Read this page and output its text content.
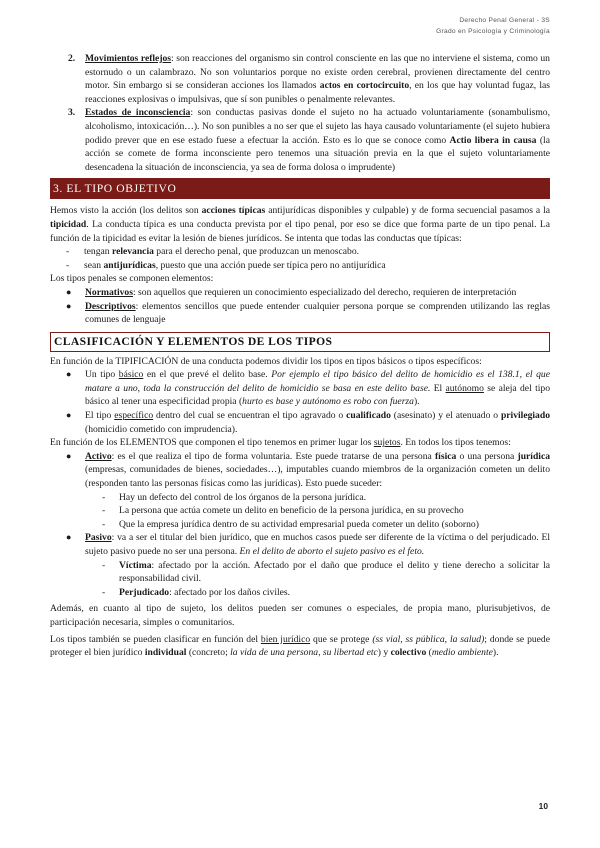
Derecho Penal General - 3S
Grado en Psicología y Criminología
2. Movimientos reflejos: son reacciones del organismo sin control consciente en las que no interviene el sistema, como un estornudo o un calambrazo. No son voluntarios porque no existe orden cerebral, provienen directamente del centro motor. Sin embargo si se consideran acciones los llamados actos en cortocircuito, en los que hay voluntad fugaz, las reacciones explosivas o impulsivas, que sí son punibles o penalmente relevantes.
3. Estados de inconsciencia: son conductas pasivas donde el sujeto no ha actuado voluntariamente (sonambulismo, alcoholismo, intoxicación…). No son punibles a no ser que el sujeto las haya causado voluntariamente (el sujeto hubiera podido prever que en ese estado fuese a efectuar la acción. Esto es lo que se conoce como Actio libera in causa (la acción se comete de forma inconsciente pero tenemos una situación previa en la que el sujeto voluntariamente desencadena la situación de inconsciencia, ya sea de forma dolosa o imprudente)
3. EL TIPO OBJETIVO

Hemos visto la acción (los delitos son acciones típicas antijurídicas disponibles y culpable) y de forma secuencial pasamos a la tipicidad. La conducta típica es una conducta prevista por el tipo penal, por eso se dice que forma parte de un tipo penal. La función de la tipicidad es evitar la lesión de bienes jurídicos. Se intenta que todas las conductas que típicas:

- tengan relevancia para el derecho penal, que produzcan un menoscabo.
- sean antijurídicas, puesto que una acción puede ser típica pero no antijurídica

Los tipos penales se componen elementos:

● Normativos: son aquellos que requieren un conocimiento especializado del derecho, requieren de interpretación
● Descriptivos: elementos sencillos que puede entender cualquier persona porque se comprenden utilizando las reglas comunes de lenguaje
CLASIFICACIÓN Y ELEMENTOS DE LOS TIPOS

En función de la TIPIFICACIÓN de una conducta podemos dividir los tipos en tipos básicos o tipos específicos:

● Un tipo básico en el que prevé el delito base. Por ejemplo el tipo básico del delito de homicidio es el 138.1, el que matare a uno, toda la construcción del delito de homicidio se basa en este delito base. El autónomo se aleja del tipo básico al tener una especificidad propia (hurto es base y autónomo es robo con fuerza).
● El tipo específico dentro del cual se encuentran el tipo agravado o cualificado (asesinato) y el atenuado o privilegiado (homicidio cometido con imprudencia).

En función de los ELEMENTOS que componen el tipo tenemos en primer lugar los sujetos. En todos los tipos tenemos:

● Activo: es el que realiza el tipo de forma voluntaria. Este puede tratarse de una persona física o una persona jurídica (empresas, comunidades de bienes, sociedades…), imputables cuando miembros de la organización cometen un delito (responden tanto las personas físicas como las jurídicas). Esto puede suceder:
- Hay un defecto del control de los órganos de la persona jurídica.
- La persona que actúa comete un delito en beneficio de la persona jurídica, en su provecho
- Que la empresa jurídica dentro de su actividad empresarial pueda cometer un delito (soborno)
● Pasivo: va a ser el titular del bien jurídico, que en muchos casos puede ser diferente de la víctima o del perjudicado. El sujeto pasivo puede no ser una persona. En el delito de aborto el sujeto pasivo es el feto.
- Víctima: afectado por la acción. Afectado por el daño que produce el delito y tiene derecho a solicitar la responsabilidad civil.
- Perjudicado: afectado por los daños civiles.

Además, en cuanto al tipo de sujeto, los delitos pueden ser comunes o especiales, de propia mano, plurisubjetivos, de participación necesaria, simples o comunitarios.

Los tipos también se pueden clasificar en función del bien jurídico que se protege (ss vial, ss pública, la salud); donde se puede proteger el bien jurídico individual (concreto; la vida de una persona, su libertad etc) y colectivo (medio ambiente).

10
